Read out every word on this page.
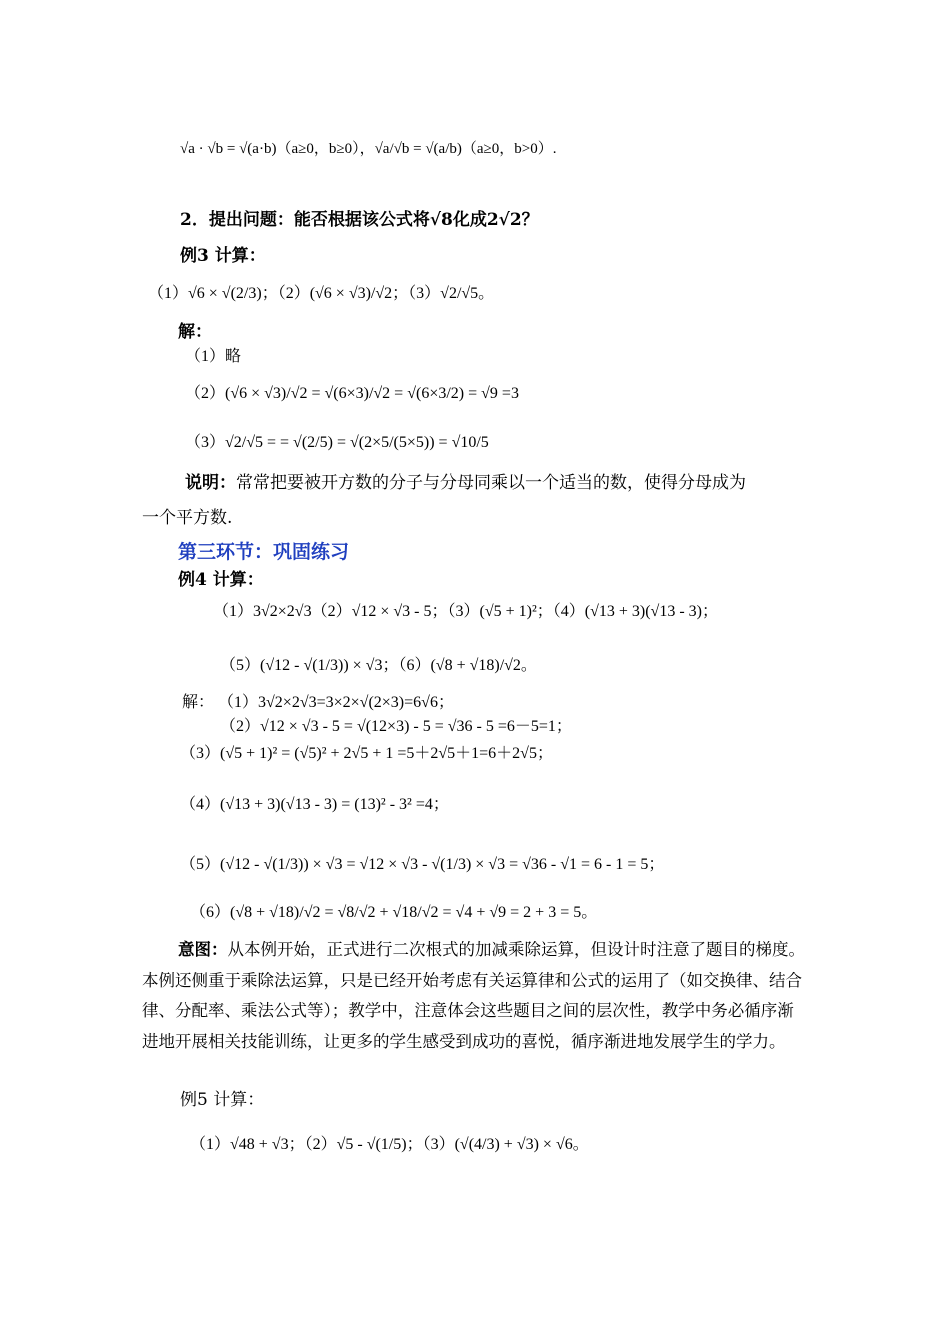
√a · √b = √(a·b)（a≥0，b≥0），√a/√b = √(a/b)（a≥0，b>0）.
2．提出问题：能否根据该公式将√8化成2√2？
例3 计算：
（1）√6 × √(2/3)；（2）(√6 × √3)/√2；（3）√2/√5。
解：
（1）略
（2）(√6 × √3)/√2 = √(6×3)/√2 = √(6×3/2) = √9 =3
（3）√2/√5 = = √(2/5) = √(2×5/(5×5)) = √10/5
说明：常常把要被开方数的分子与分母同乘以一个适当的数，使得分母成为
一个平方数.
第三环节：巩固练习
例4 计算：
（1）3√2×2√3（2）√12 × √3 - 5；（3）(√5 + 1)²；（4）(√13 + 3)(√13 - 3)；
（5）(√12 - √(1/3)) × √3；（6）(√8 + √18)/√2。
解： （1）3√2×2√3=3×2×√(2×3)=6√6；
（2）√12 × √3 - 5 = √(12×3) - 5 = √36 - 5 =6－5=1；
（3）(√5 + 1)² = (√5)² + 2√5 + 1 =5＋2√5＋1=6＋2√5；
（4）(√13 + 3)(√13 - 3) = (13)² - 3² =4；
（5）(√12 - √(1/3)) × √3 = √12 × √3 - √(1/3) × √3 = √36 - √1 = 6 - 1 = 5；
（6）(√8 + √18)/√2 = √8/√2 + √18/√2 = √4 + √9 = 2 + 3 = 5。
意图：从本例开始，正式进行二次根式的加减乘除运算，但设计时注意了题目的梯度。本例还侧重于乘除法运算，只是已经开始考虑有关运算律和公式的运用了（如交换律、结合律、分配率、乘法公式等）；教学中，注意体会这些题目之间的层次性，教学中务必循序渐进地开展相关技能训练，让更多的学生感受到成功的喜悦，循序渐进地发展学生的学力。
例5 计算：
（1）√48 + √3；（2）√5 - √(1/5)；（3）(√(4/3) + √3) × √6。
